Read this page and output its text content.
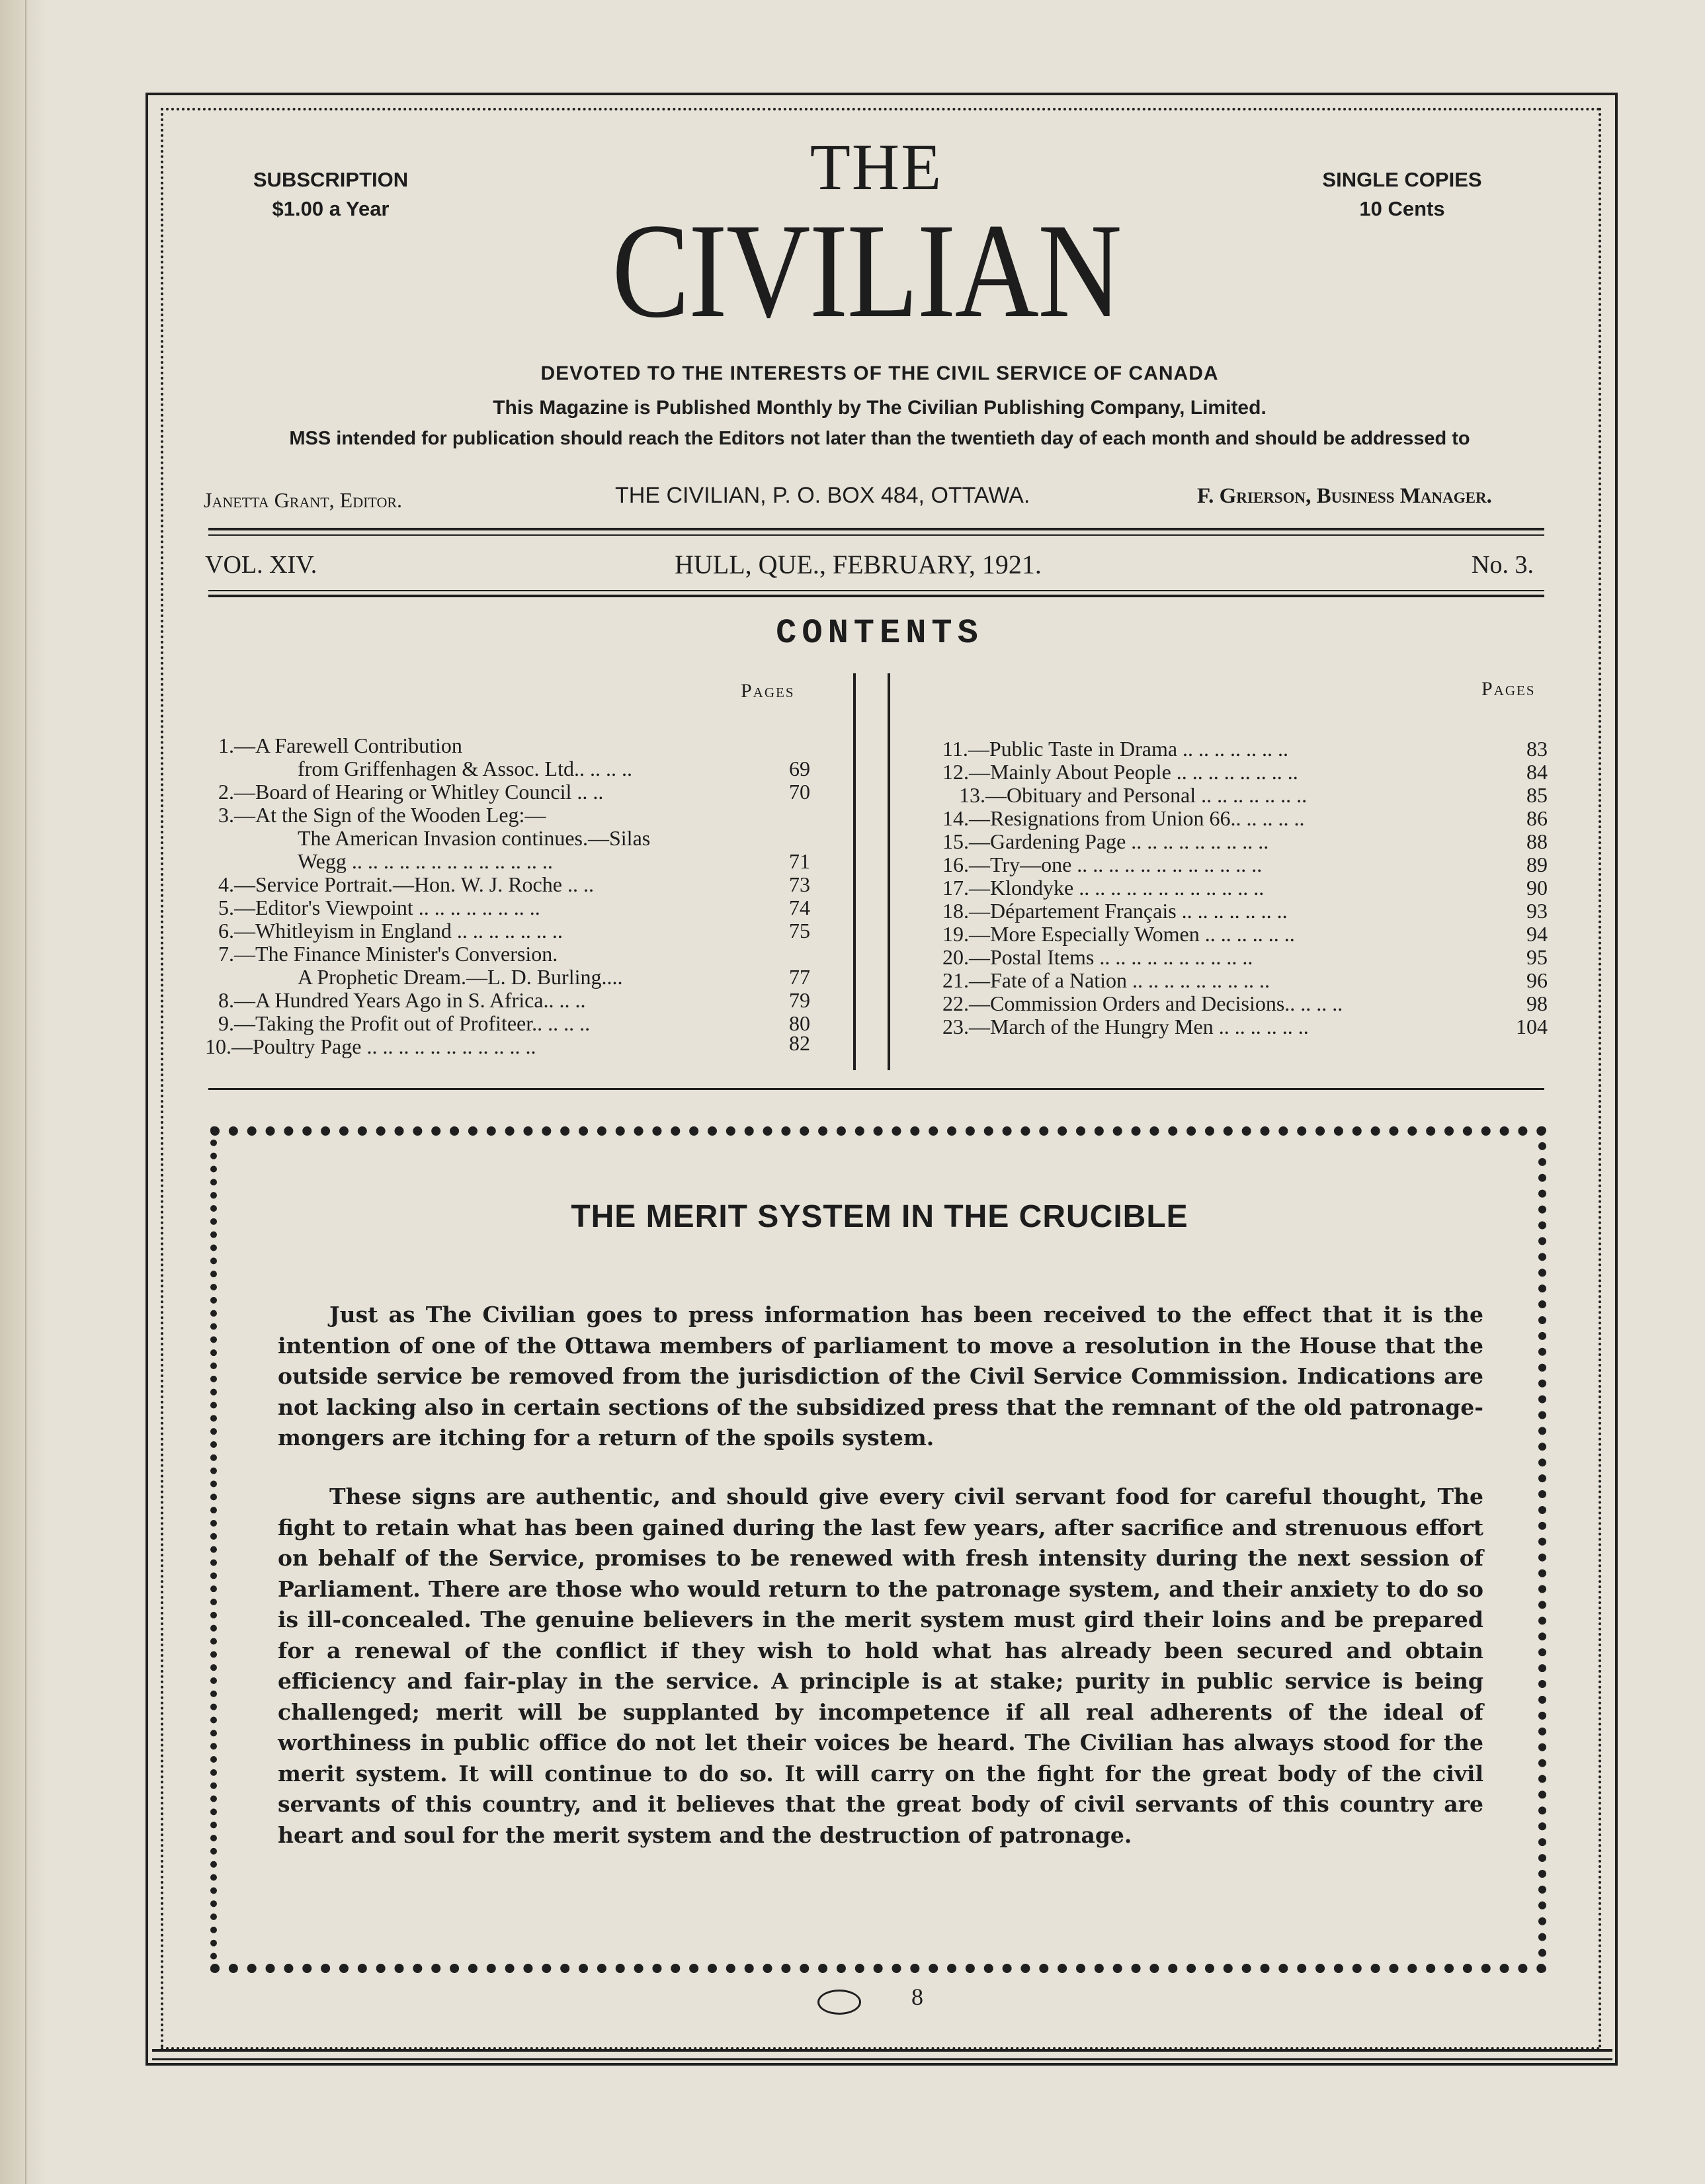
SUBSCRIPTION
$1.00 a Year
SINGLE COPIES
10 Cents
THE
CIVILIAN
DEVOTED TO THE INTERESTS OF THE CIVIL SERVICE OF CANADA
This Magazine is Published Monthly by The Civilian Publishing Company, Limited.
MSS intended for publication should reach the Editors not later than the twentieth day of each month and should be addressed to
Janetta Grant, Editor.	THE CIVILIAN, P. O. BOX 484, OTTAWA.	F. Grierson, Business Manager.
VOL. XIV.	HULL, QUE., FEBRUARY, 1921.	No. 3.
CONTENTS
Pages	Pages
1.—A Farewell Contribution
from Griffenhagen & Assoc. Ltd.. .. .. ..	69
2.—Board of Hearing or Whitley Council .. ..	70
3.—At the Sign of the Wooden Leg:—
The American Invasion continues.—Silas
Wegg .. .. .. .. .. .. .. .. .. .. .. .. ..	71
4.—Service Portrait.—Hon. W. J. Roche .. ..	73
5.—Editor's Viewpoint .. .. .. .. .. .. .. ..	74
6.—Whitleyism in England .. .. .. .. .. .. ..	75
7.—The Finance Minister's Conversion.
A Prophetic Dream.—L. D. Burling....	77
8.—A Hundred Years Ago in S. Africa.. .. ..	79
9.—Taking the Profit out of Profiteer.. .. .. ..	80
10.—Poultry Page .. .. .. .. .. .. .. .. .. .. ..	82
11.—Public Taste in Drama .. .. .. .. .. .. ..	83
12.—Mainly About People .. .. .. .. .. .. .. ..	84
13.—Obituary and Personal .. .. .. .. .. .. ..	85
14.—Resignations from Union 66.. .. .. .. ..	86
15.—Gardening Page .. .. .. .. .. .. .. .. ..	88
16.—Try—one .. .. .. .. .. .. .. .. .. .. .. ..	89
17.—Klondyke .. .. .. .. .. .. .. .. .. .. .. ..	90
18.—Département Français .. .. .. .. .. .. ..	93
19.—More Especially Women .. .. .. .. .. ..	94
20.—Postal Items .. .. .. .. .. .. .. .. .. ..	95
21.—Fate of a Nation .. .. .. .. .. .. .. .. ..	96
22.—Commission Orders and Decisions.. .. .. ..	98
23.—March of the Hungry Men .. .. .. .. .. ..	104
THE MERIT SYSTEM IN THE CRUCIBLE
Just as The Civilian goes to press information has been received to the effect that it is the intention of one of the Ottawa members of parliament to move a resolution in the House that the outside service be removed from the jurisdiction of the Civil Service Commission. Indications are not lacking also in certain sections of the subsidized press that the remnant of the old patronage-mongers are itching for a return of the spoils system.
These signs are authentic, and should give every civil servant food for careful thought, The fight to retain what has been gained during the last few years, after sacrifice and strenuous effort on behalf of the Service, promises to be renewed with fresh intensity during the next session of Parliament. There are those who would return to the patronage system, and their anxiety to do so is ill-concealed. The genuine believers in the merit system must gird their loins and be prepared for a renewal of the conflict if they wish to hold what has already been secured and obtain efficiency and fair-play in the service. A principle is at stake; purity in public service is being challenged; merit will be supplanted by incompetence if all real adherents of the ideal of worthiness in public office do not let their voices be heard. The Civilian has always stood for the merit system. It will continue to do so. It will carry on the fight for the great body of the civil servants of this country, and it believes that the great body of civil servants of this country are heart and soul for the merit system and the destruction of patronage.
8
